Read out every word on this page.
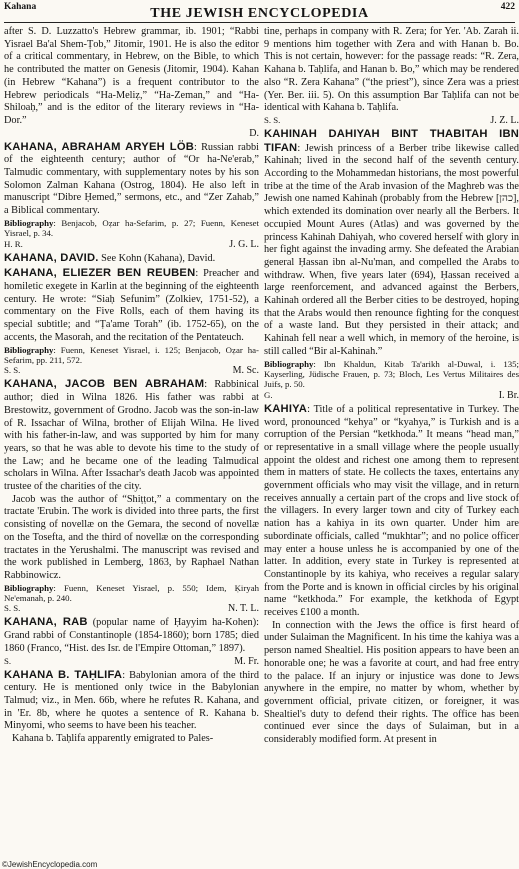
Kahana	THE JEWISH ENCYCLOPEDIA	422

after S. D. Luzzatto's Hebrew grammar, ib. 1901; “Rabbi Yisrael Ba'al Shem-Ṭob,” Jitomir, 1901. He is also the editor of a critical commentary, in Hebrew, on the Bible, to which he contributed the matter on Genesis (Jitomir, 1904). Kahan (in Hebrew “Kahana”) is a frequent contributor to the Hebrew periodicals “Ha-Meliẓ,” “Ha-Zeman,” and “Ha-Shiloaḥ,” and is the editor of the literary reviews in “Ha-Dor.”

D.

KAHANA, ABRAHAM ARYEH LÖB: Russian rabbi of the eighteenth century; author of “Or ha-Ne'erab,” Talmudic commentary, with supplementary notes by his son Solomon Zalman Kahana (Ostrog, 1804). He also left in manuscript “Dibre Ḥemed,” sermons, etc., and “Zer Zahab,” a Biblical commentary.

Bibliography: Benjacob, Oẓar ha-Sefarim, p. 27; Fuenn, Keneset Yisrael, p. 34.

H. R.	J. G. L.

KAHANA, DAVID. See Kohn (Kahana), David.

KAHANA, ELIEZER BEN REUBEN: Preacher and homiletic exegete in Karlin at the beginning of the eighteenth century. He wrote: “Siaḥ Sefunim” (Zolkiev, 1751-52), a commentary on the Five Rolls, each of them having its special subtitle; and “Ṭa'ame Torah” (ib. 1752-65), on the accents, the Masorah, and the recitation of the Pentateuch.

Bibliography: Fuenn, Keneset Yisrael, i. 125; Benjacob, Oẓar ha-Sefarim, pp. 211, 572.

S. S.	M. Sc.

KAHANA, JACOB BEN ABRAHAM: Rabbinical author; died in Wilna 1826. His father was rabbi at Brestowitz, government of Grodno. Jacob was the son-in-law of R. Issachar of Wilna, brother of Elijah Wilna. He lived with his father-in-law, and was supported by him for many years, so that he was able to devote his time to the study of the Law; and he became one of the leading Talmudical scholars in Wilna. After Issachar's death Jacob was appointed trustee of the charities of the city.

Jacob was the author of “Shiṭṭot,” a commentary on the tractate 'Erubin. The work is divided into three parts, the first consisting of novellæ on the Gemara, the second of novellæ on the Tosefta, and the third of novellæ on the corresponding tractates in the Yerushalmi. The manuscript was revised and the work published in Lemberg, 1863, by Raphael Nathan Rabbinowicz.

Bibliography: Fuenn, Keneset Yisrael, p. 550; Idem, Ḳiryah Ne'emanah, p. 240.

S. S.	N. T. L.

KAHANA, RAB (popular name of Ḥayyim ha-Kohen): Grand rabbi of Constantinople (1854-1860); born 1785; died 1860 (Franco, “Hist. des Isr. de l'Empire Ottoman,” 1897).

S.	M. Fr.

KAHANA B. TAḤLIFA: Babylonian amora of the third century. He is mentioned only twice in the Babylonian Talmud; viz., in Men. 66b, where he refutes R. Kahana, and in 'Er. 8b, where he quotes a sentence of R. Kahana b. Minyomi, who seems to have been his teacher.

Kahana b. Taḥlifa apparently emigrated to Pales-

tine, perhaps in company with R. Zera; for Yer. 'Ab. Zarah ii. 9 mentions him together with Zera and with Hanan b. Bo. This is not certain, however: for the passage reads: “R. Zera, Kahana b. Taḥlifa, and Hanan b. Bo,” which may be rendered also “R. Zera Kahana” (“the priest”), since Zera was a priest (Yer. Ber. iii. 5). On this assumption Bar Taḥlifa can not be identical with Kahana b. Taḥlifa.

S. S.	J. Z. L.

KAHINAH DAHIYAH BINT THABITAH IBN TIFAN: Jewish princess of a Berber tribe likewise called Kahinah; lived in the second half of the seventh century. According to the Mohammedan historians, the most powerful tribe at the time of the Arab invasion of the Maghreb was the Jewish one named Kahinah (probably from the Hebrew [כהן], which extended its domination over nearly all the Berbers. It occupied Mount Aures (Atlas) and was governed by the princess Kahinah Dahiyah, who covered herself with glory in her fight against the invading army. She defeated the Arabian general Ḥassan ibn al-Nu'man, and compelled the Arabs to withdraw. When, five years later (694), Ḥassan received a large reenforcement, and advanced against the Berbers, Kahinah ordered all the Berber cities to be destroyed, hoping that the Arabs would then renounce fighting for the conquest of a waste land. But they persisted in their attack; and Kahinah fell near a well which, in memory of the heroine, is still called “Bir al-Kahinah.”

Bibliography: Ibn Khaldun, Kitab Ta'arikh al-Duwal, i. 135; Kayserling, Jüdische Frauen, p. 73; Bloch, Les Vertus Militaires des Juifs, p. 50.

G.	I. Br.

KAHIYA: Title of a political representative in Turkey. The word, pronounced “kehya” or “kyahya,” is Turkish and is a corruption of the Persian “ketkhoda.” It means “head man,” or representative in a small village where the people usually appoint the oldest and richest one among them to represent them in matters of state. He collects the taxes, entertains any government officials who may visit the village, and in return receives annually a certain part of the crops and live stock of the villagers. In every larger town and city of Turkey each nation has a kahiya in its own quarter. Under him are subordinate officials, called “mukhtar”; and no police officer may enter a house unless he is accompanied by one of the latter. In addition, every state in Turkey is represented at Constantinople by its kahiya, who receives a regular salary from the Porte and is known in official circles by his original name “ketkhoda.” For example, the ketkhoda of Egypt receives £100 a month.

In connection with the Jews the office is first heard of under Sulaiman the Magnificent. In his time the kahiya was a person named Shealtiel. His position appears to have been an honorable one; he was a favorite at court, and had free entry to the palace. If an injury or injustice was done to Jews anywhere in the empire, no matter by whom, whether by government official, private citizen, or foreigner, it was Shealtiel's duty to defend their rights. The office has been continued ever since the days of Sulaiman, but in a considerably modified form. At present in

©JewishEncyclopedia.com
